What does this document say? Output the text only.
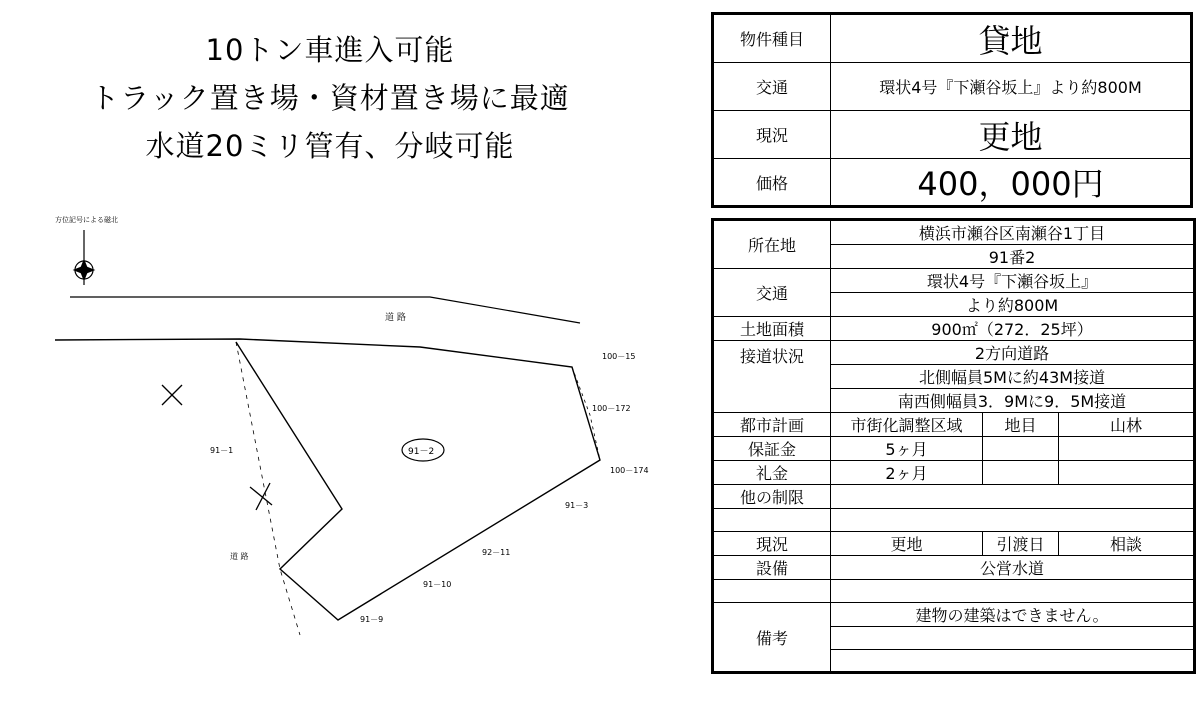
10トン車進入可能
トラック置き場・資材置き場に最適
水道20ミリ管有、分岐可能
方位記号による磁北
道 路
91－2
91－1
91－3
91－10
91－9
92－11
100－15
100－172
100－174
道 路
物件種目	貸地
交通	環状4号『下瀬谷坂上』より約800M
現況	更地
価格	400，000円
所在地	横浜市瀬谷区南瀬谷1丁目		
	91番2		
交通	環状4号『下瀬谷坂上』		
	より約800M		
土地面積	900㎡（272．25坪）		
接道状況	2方向道路		
	北側幅員5Mに約43M接道		
	南西側幅員3．9Mに9．5M接道		
都市計画	市街化調整区域	地目	山林
保証金	5ヶ月		
礼金	2ヶ月		
他の制限			

現況	更地	引渡日	相談
設備	公営水道		

備考	建物の建築はできません。		
